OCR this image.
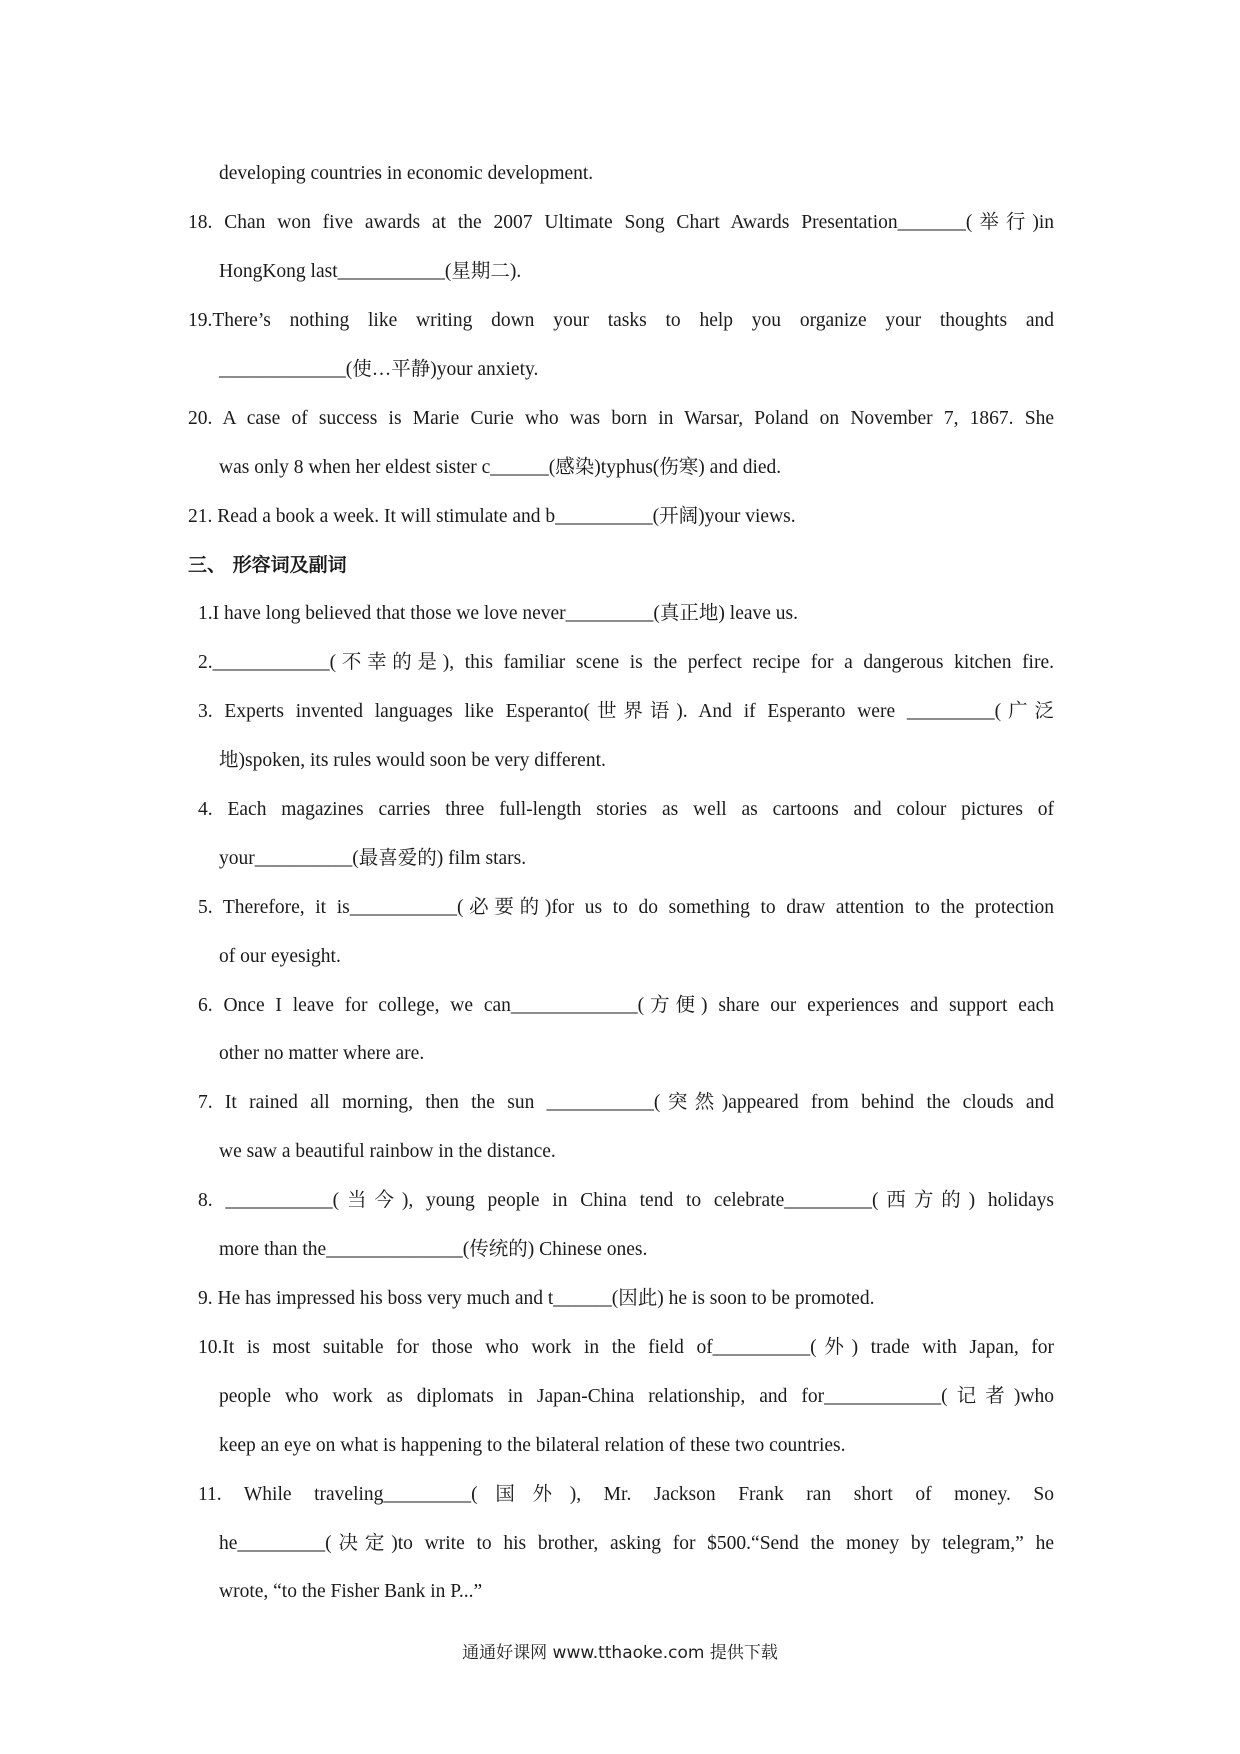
developing countries in economic development.
18. Chan won five awards at the 2007 Ultimate Song Chart Awards Presentation_______(举行)in
HongKong last___________(星期二).
19.There’s nothing like writing down your tasks to help you organize your thoughts and
_____________(使…平静)your anxiety.
20. A case of success is Marie Curie who was born in Warsar, Poland on November 7, 1867. She
was only 8 when her eldest sister c______(感染)typhus(伤寒) and died.
21. Read a book a week. It will stimulate and b__________(开阔)your views.
三、 形容词及副词
1.I have long believed that those we love never_________(真正地) leave us.
2.____________(不幸的是), this familiar scene is the perfect recipe for a dangerous kitchen fire.
3. Experts invented languages like Esperanto(世界语). And if Esperanto were _________(广泛
地)spoken, its rules would soon be very different.
4. Each magazines carries three full-length stories as well as cartoons and colour pictures of
your__________(最喜爱的) film stars.
5. Therefore, it is___________(必要的)for us to do something to draw attention to the protection
of our eyesight.
6. Once I leave for college, we can_____________(方便) share our experiences and support each
other no matter where are.
7. It rained all morning, then the sun ___________(突然)appeared from behind the clouds and
we saw a beautiful rainbow in the distance.
8. ___________(当今), young people in China tend to celebrate_________(西方的) holidays
more than the______________(传统的) Chinese ones.
9. He has impressed his boss very much and t______(因此) he is soon to be promoted.
10.It is most suitable for those who work in the field of__________(外) trade with Japan, for
people who work as diplomats in Japan-China relationship, and for____________(记者)who
keep an eye on what is happening to the bilateral relation of these two countries.
11. While traveling_________(国外), Mr. Jackson Frank ran short of money. So
he_________(决定)to write to his brother, asking for $500.“Send the money by telegram,” he
wrote, “to the Fisher Bank in P...”
通通好课网 www.tthaoke.com 提供下载
